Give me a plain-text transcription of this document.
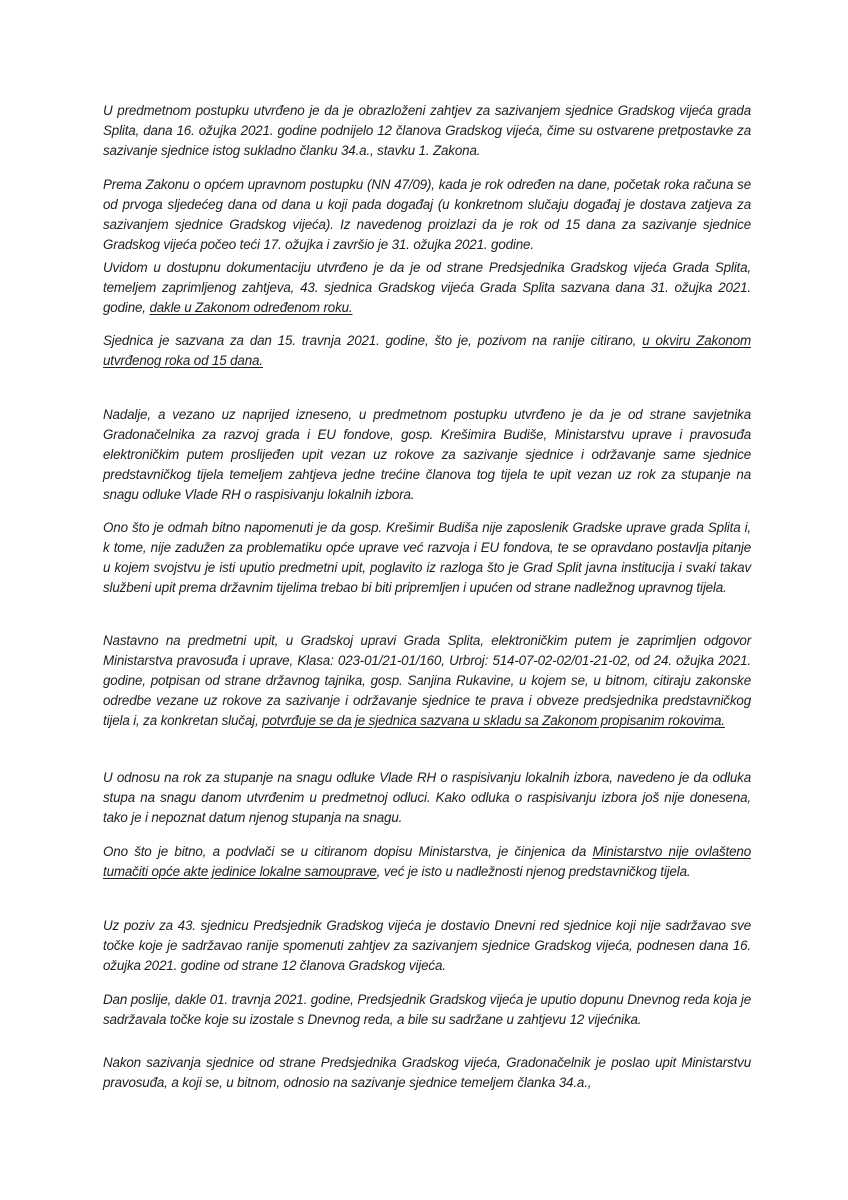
U predmetnom postupku utvrđeno je da je obrazloženi zahtjev za sazivanjem sjednice Gradskog vijeća grada Splita, dana 16. ožujka 2021. godine podnijelo 12 članova Gradskog vijeća, čime su ostvarene pretpostavke za sazivanje sjednice istog sukladno članku 34.a., stavku 1. Zakona.

Prema Zakonu o općem upravnom postupku (NN 47/09), kada je rok određen na dane, početak roka računa se od prvoga sljedećeg dana od dana u koji pada događaj (u konkretnom slučaju događaj je dostava zatjeva za sazivanjem sjednice Gradskog vijeća). Iz navedenog proizlazi da je rok od 15 dana za sazivanje sjednice Gradskog vijeća počeo teći 17. ožujka i završio je 31. ožujka 2021. godine.

Uvidom u dostupnu dokumentaciju utvrđeno je da je od strane Predsjednika Gradskog vijeća Grada Splita, temeljem zaprimljenog zahtjeva, 43. sjednica Gradskog vijeća Grada Splita sazvana dana 31. ožujka 2021. godine, dakle u Zakonom određenom roku.

Sjednica je sazvana za dan 15. travnja 2021. godine, što je, pozivom na ranije citirano, u okviru Zakonom utvrđenog roka od 15 dana.

Nadalje, a vezano uz naprijed izneseno, u predmetnom postupku utvrđeno je da je od strane savjetnika Gradonačelnika za razvoj grada i EU fondove, gosp. Krešimira Budiše, Ministarstvu uprave i pravosuđa elektroničkim putem proslijeđen upit vezan uz rokove za sazivanje sjednice i održavanje same sjednice predstavničkog tijela temeljem zahtjeva jedne trećine članova tog tijela te upit vezan uz rok za stupanje na snagu odluke Vlade RH o raspisivanju lokalnih izbora.

Ono što je odmah bitno napomenuti je da gosp. Krešimir Budiša nije zaposlenik Gradske uprave grada Splita i, k tome, nije zadužen za problematiku opće uprave već razvoja i EU fondova, te se opravdano postavlja pitanje u kojem svojstvu je isti uputio predmetni upit, poglavito iz razloga što je Grad Split javna institucija i svaki takav službeni upit prema državnim tijelima trebao bi biti pripremljen i upućen od strane nadležnog upravnog tijela.

Nastavno na predmetni upit, u Gradskoj upravi Grada Splita, elektroničkim putem je zaprimljen odgovor Ministarstva pravosuđa i uprave, Klasa: 023-01/21-01/160, Urbroj: 514-07-02-02/01-21-02, od 24. ožujka 2021. godine, potpisan od strane državnog tajnika, gosp. Sanjina Rukavine, u kojem se, u bitnom, citiraju zakonske odredbe vezane uz rokove za sazivanje i održavanje sjednice te prava i obveze predsjednika predstavničkog tijela i, za konkretan slučaj, potvrđuje se da je sjednica sazvana u skladu sa Zakonom propisanim rokovima.

U odnosu na rok za stupanje na snagu odluke Vlade RH o raspisivanju lokalnih izbora, navedeno je da odluka stupa na snagu danom utvrđenim u predmetnoj odluci. Kako odluka o raspisivanju izbora još nije donesena, tako je i nepoznat datum njenog stupanja na snagu.

Ono što je bitno, a podvlači se u citiranom dopisu Ministarstva, je činjenica da Ministarstvo nije ovlašteno tumačiti opće akte jedinice lokalne samouprave, već je isto u nadležnosti njenog predstavničkog tijela.

Uz poziv za 43. sjednicu Predsjednik Gradskog vijeća je dostavio Dnevni red sjednice koji nije sadržavao sve točke koje je sadržavao ranije spomenuti zahtjev za sazivanjem sjednice Gradskog vijeća, podnesen dana 16. ožujka 2021. godine od strane 12 članova Gradskog vijeća.

Dan poslije, dakle 01. travnja 2021. godine, Predsjednik Gradskog vijeća je uputio dopunu Dnevnog reda koja je sadržavala točke koje su izostale s Dnevnog reda, a bile su sadržane u zahtjevu 12 vijećnika.

Nakon sazivanja sjednice od strane Predsjednika Gradskog vijeća, Gradonačelnik je poslao upit Ministarstvu pravosuđa, a koji se, u bitnom, odnosio na sazivanje sjednice temeljem članka 34.a.,
